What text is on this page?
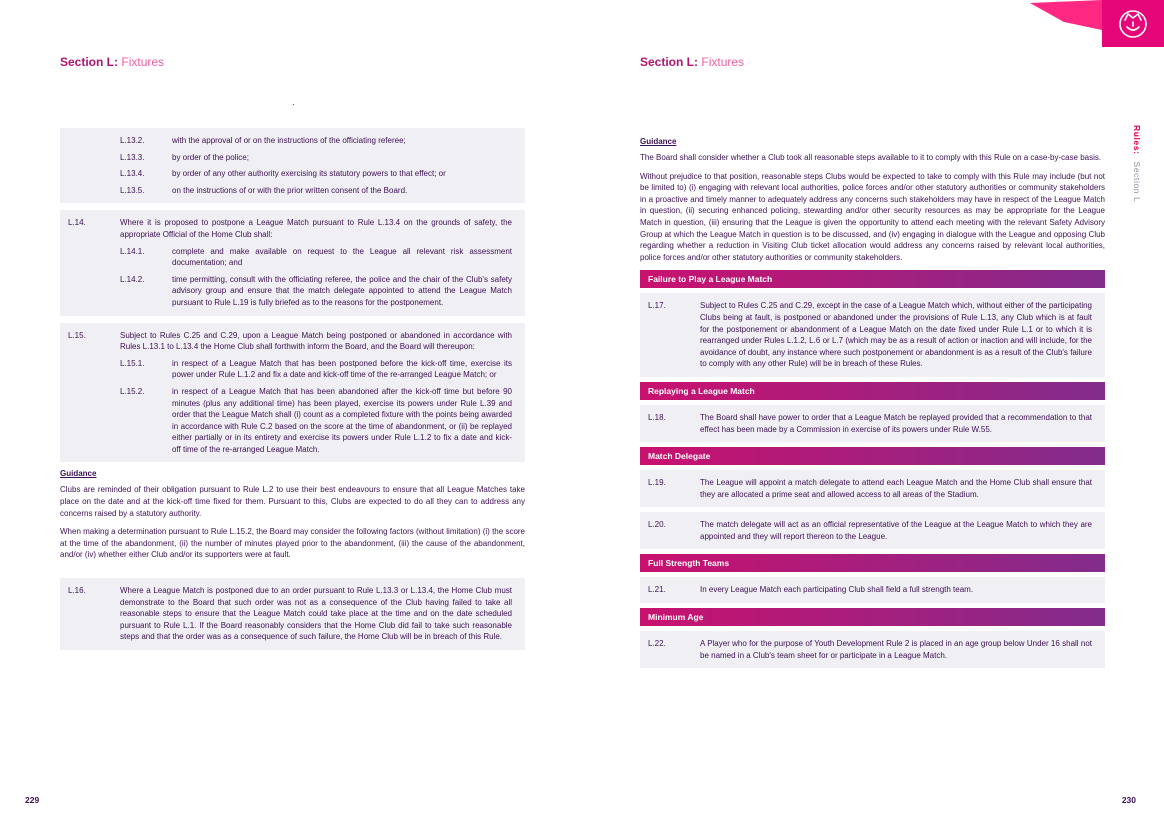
Rules: Section L
Section L: Fixtures
.
L.13.2.	with the approval of or on the instructions of the officiating referee;
L.13.3.	by order of the police;
L.13.4.	by order of any other authority exercising its statutory powers to that effect; or
L.13.5.	on the instructions of or with the prior written consent of the Board.
L.14.	Where it is proposed to postpone a League Match pursuant to Rule L.13.4 on the grounds of safety, the appropriate Official of the Home Club shall:
L.14.1.	complete and make available on request to the League all relevant risk assessment documentation; and
L.14.2.	time permitting, consult with the officiating referee, the police and the chair of the Club's safety advisory group and ensure that the match delegate appointed to attend the League Match pursuant to Rule L.19 is fully briefed as to the reasons for the postponement.
L.15.	Subject to Rules C.25 and C.29, upon a League Match being postponed or abandoned in accordance with Rules L.13.1 to L.13.4 the Home Club shall forthwith inform the Board, and the Board will thereupon:
L.15.1.	in respect of a League Match that has been postponed before the kick-off time, exercise its power under Rule L.1.2 and fix a date and kick-off time of the re-arranged League Match; or
L.15.2.	in respect of a League Match that has been abandoned after the kick-off time but before 90 minutes (plus any additional time) has been played, exercise its powers under Rule L.39 and order that the League Match shall (i) count as a completed fixture with the points being awarded in accordance with Rule C.2 based on the score at the time of abandonment, or (ii) be replayed either partially or in its entirety and exercise its powers under Rule L.1.2 to fix a date and kick-off time of the re-arranged League Match.
Guidance

Clubs are reminded of their obligation pursuant to Rule L.2 to use their best endeavours to ensure that all League Matches take place on the date and at the kick-off time fixed for them. Pursuant to this, Clubs are expected to do all they can to address any concerns raised by a statutory authority.

When making a determination pursuant to Rule L.15.2, the Board may consider the following factors (without limitation) (i) the score at the time of the abandonment, (ii) the number of minutes played prior to the abandonment, (iii) the cause of the abandonment, and/or (iv) whether either Club and/or its supporters were at fault.

L.16.	Where a League Match is postponed due to an order pursuant to Rule L.13.3 or L.13.4, the Home Club must demonstrate to the Board that such order was not as a consequence of the Club having failed to take all reasonable steps to ensure that the League Match could take place at the time and on the date scheduled pursuant to Rule L.1. If the Board reasonably considers that the Home Club did fail to take such reasonable steps and that the order was as a consequence of such failure, the Home Club will be in breach of this Rule.
Section L: Fixtures
Guidance

The Board shall consider whether a Club took all reasonable steps available to it to comply with this Rule on a case-by-case basis.

Without prejudice to that position, reasonable steps Clubs would be expected to take to comply with this Rule may include (but not be limited to) (i) engaging with relevant local authorities, police forces and/or other statutory authorities or community stakeholders in a proactive and timely manner to adequately address any concerns such stakeholders may have in respect of the League Match in question, (ii) securing enhanced policing, stewarding and/or other security resources as may be appropriate for the League Match in question, (iii) ensuring that the League is given the opportunity to attend each meeting with the relevant Safety Advisory Group at which the League Match in question is to be discussed, and (iv) engaging in dialogue with the League and opposing Club regarding whether a reduction in Visiting Club ticket allocation would address any concerns raised by relevant local authorities, police forces and/or other statutory authorities or community stakeholders.

Failure to Play a League Match
L.17.	Subject to Rules C.25 and C.29, except in the case of a League Match which, without either of the participating Clubs being at fault, is postponed or abandoned under the provisions of Rule L.13, any Club which is at fault for the postponement or abandonment of a League Match on the date fixed under Rule L.1 or to which it is rearranged under Rules L.1.2, L.6 or L.7 (which may be as a result of action or inaction and will include, for the avoidance of doubt, any instance where such postponement or abandonment is as a result of the Club's failure to comply with any other Rule) will be in breach of these Rules.
Replaying a League Match
L.18.	The Board shall have power to order that a League Match be replayed provided that a recommendation to that effect has been made by a Commission in exercise of its powers under Rule W.55.
Match Delegate
L.19.	The League will appoint a match delegate to attend each League Match and the Home Club shall ensure that they are allocated a prime seat and allowed access to all areas of the Stadium.
L.20.	The match delegate will act as an official representative of the League at the League Match to which they are appointed and they will report thereon to the League.
Full Strength Teams
L.21.	In every League Match each participating Club shall field a full strength team.
Minimum Age
L.22.	A Player who for the purpose of Youth Development Rule 2 is placed in an age group below Under 16 shall not be named in a Club's team sheet for or participate in a League Match.
229	230
